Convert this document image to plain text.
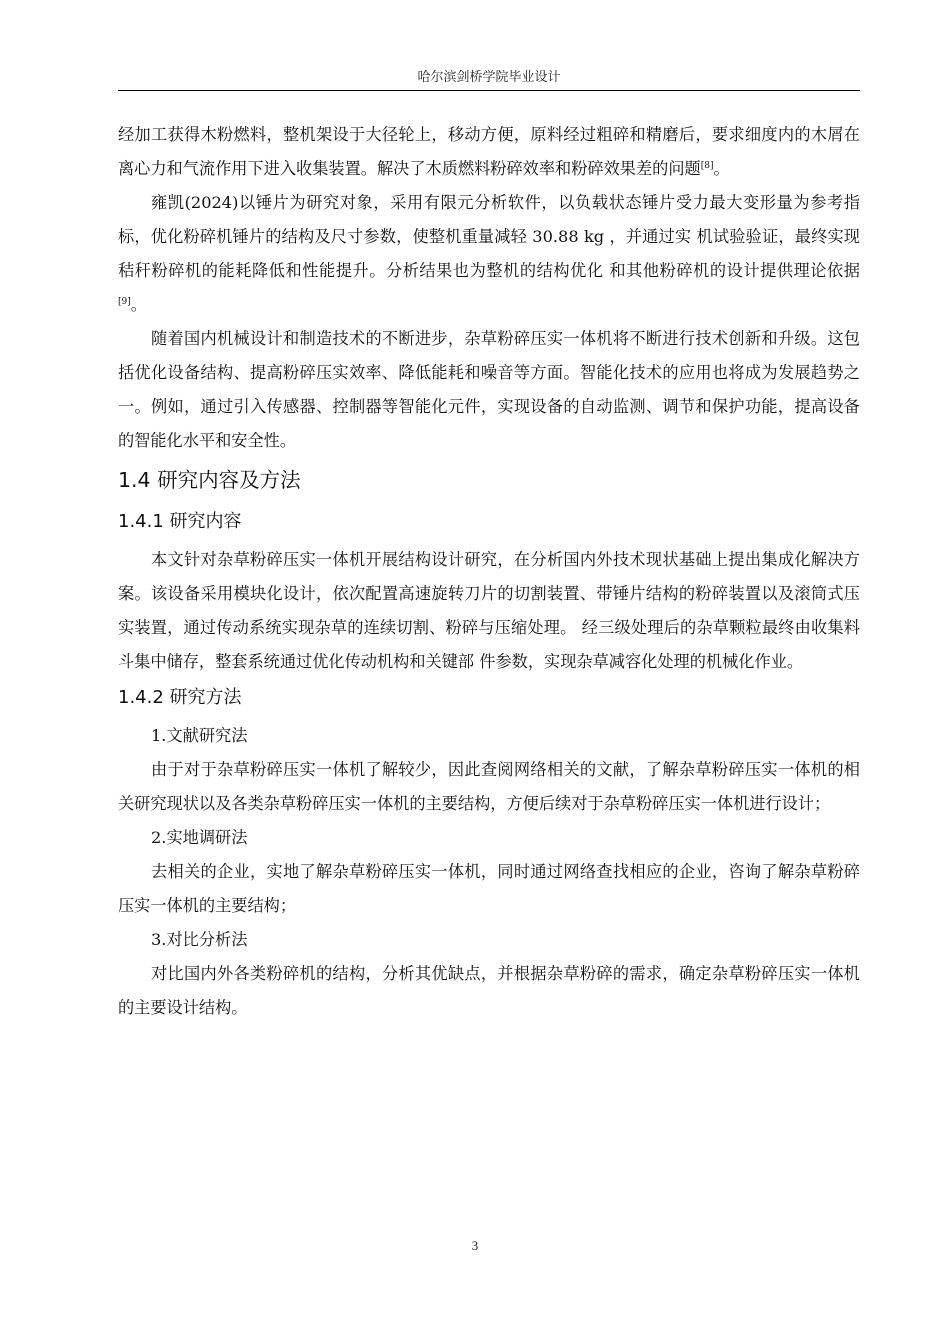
哈尔滨剑桥学院毕业设计

经加工获得木粉燃料，整机架设于大径轮上，移动方便，原料经过粗碎和精磨后，要求细度内的木屑在离心力和气流作用下进入收集装置。解决了木质燃料粉碎效率和粉碎效果差的问题[8]。

雍凯(2024)以锤片为研究对象，采用有限元分析软件，以负载状态锤片受力最大变形量为参考指标，优化粉碎机锤片的结构及尺寸参数，使整机重量减轻 30.88 kg ，并通过实 机试验验证，最终实现秸秆粉碎机的能耗降低和性能提升。分析结果也为整机的结构优化 和其他粉碎机的设计提供理论依据[9]。

随着国内机械设计和制造技术的不断进步，杂草粉碎压实一体机将不断进行技术创新和升级。这包括优化设备结构、提高粉碎压实效率、降低能耗和噪音等方面。智能化技术的应用也将成为发展趋势之一。例如，通过引入传感器、控制器等智能化元件，实现设备的自动监测、调节和保护功能，提高设备的智能化水平和安全性。

1.4 研究内容及方法
1.4.1 研究内容

本文针对杂草粉碎压实一体机开展结构设计研究，在分析国内外技术现状基础上提出集成化解决方案。该设备采用模块化设计，依次配置高速旋转刀片的切割装置、带锤片结构的粉碎装置以及滚筒式压实装置，通过传动系统实现杂草的连续切割、粉碎与压缩处理。 经三级处理后的杂草颗粒最终由收集料斗集中储存，整套系统通过优化传动机构和关键部 件参数，实现杂草减容化处理的机械化作业。

1.4.2 研究方法

1.文献研究法

由于对于杂草粉碎压实一体机了解较少，因此查阅网络相关的文献，了解杂草粉碎压实一体机的相关研究现状以及各类杂草粉碎压实一体机的主要结构，方便后续对于杂草粉碎压实一体机进行设计；

2.实地调研法

去相关的企业，实地了解杂草粉碎压实一体机，同时通过网络查找相应的企业，咨询了解杂草粉碎压实一体机的主要结构；

3.对比分析法

对比国内外各类粉碎机的结构，分析其优缺点，并根据杂草粉碎的需求，确定杂草粉碎压实一体机的主要设计结构。

3
